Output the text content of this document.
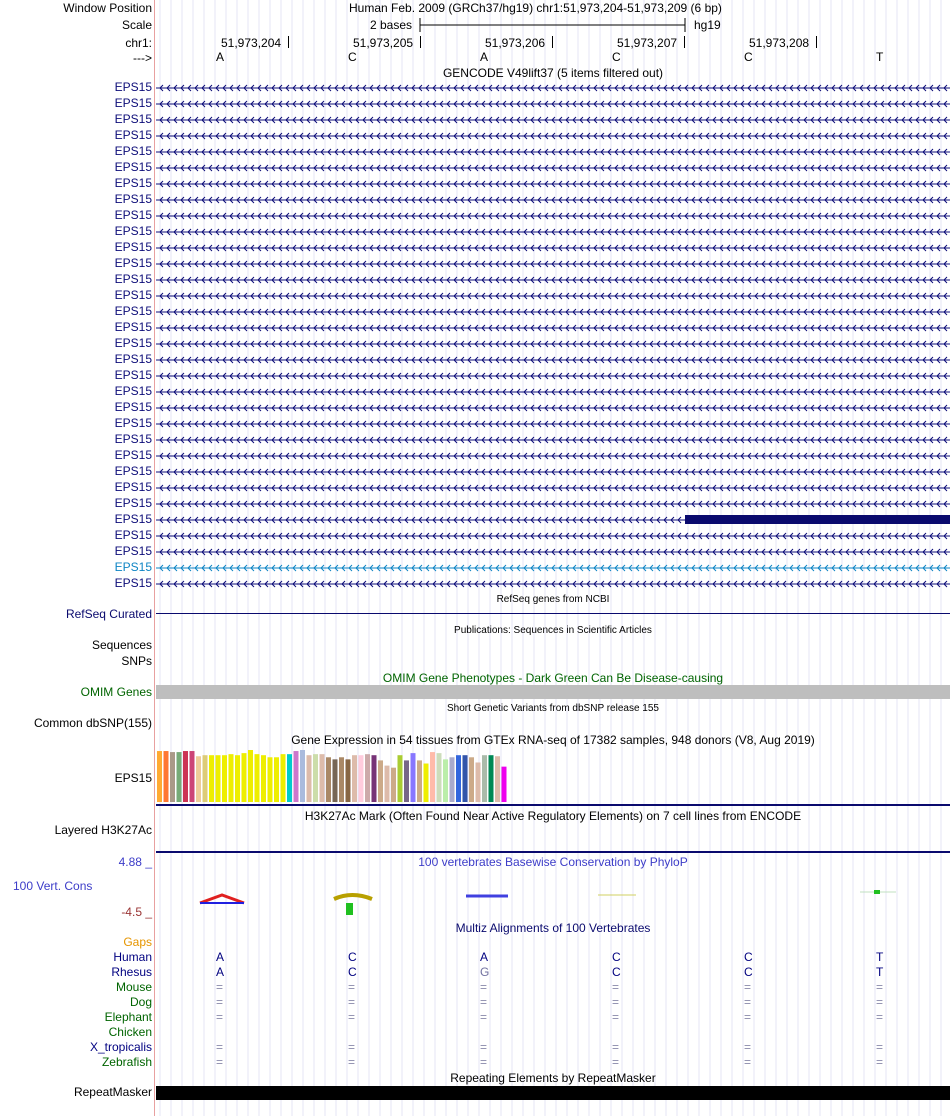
Window Position	Human Feb. 2009 (GRCh37/hg19) chr1:51,973,204-51,973,209 (6 bp)
Scale	2 bases	hg19
chr1:	51,973,204	51,973,205	51,973,206	51,973,207	51,973,208
--->	A	C	A	C	C	T
GENCODE V49lift37 (5 items filtered out)
EPS15
EPS15
EPS15
EPS15
EPS15
EPS15
EPS15
EPS15
EPS15
EPS15
EPS15
EPS15
EPS15
EPS15
EPS15
EPS15
EPS15
EPS15
EPS15
EPS15
EPS15
EPS15
EPS15
EPS15
EPS15
EPS15
EPS15
EPS15
EPS15
EPS15
EPS15
EPS15
RefSeq genes from NCBI
RefSeq Curated
Publications: Sequences in Scientific Articles
Sequences
SNPs
OMIM Gene Phenotypes - Dark Green Can Be Disease-causing
OMIM Genes
Short Genetic Variants from dbSNP release 155
Common dbSNP(155)
Gene Expression in 54 tissues from GTEx RNA-seq of 17382 samples, 948 donors (V8, Aug 2019)
EPS15
H3K27Ac Mark (Often Found Near Active Regulatory Elements) on 7 cell lines from ENCODE
Layered H3K27Ac
100 vertebrates Basewise Conservation by PhyloP
4.88 _
100 Vert. Cons
-4.5 _
Multiz Alignments of 100 Vertebrates
Gaps
Human	A	C	A	C	C	T
Rhesus	A	C	G	C	C	T
Mouse	=	=	=	=	=	=
Dog	=	=	=	=	=	=
Elephant	=	=	=	=	=	=
Chicken
X_tropicalis	=	=	=	=	=	=
Zebrafish	=	=	=	=	=	=
Repeating Elements by RepeatMasker
RepeatMasker
